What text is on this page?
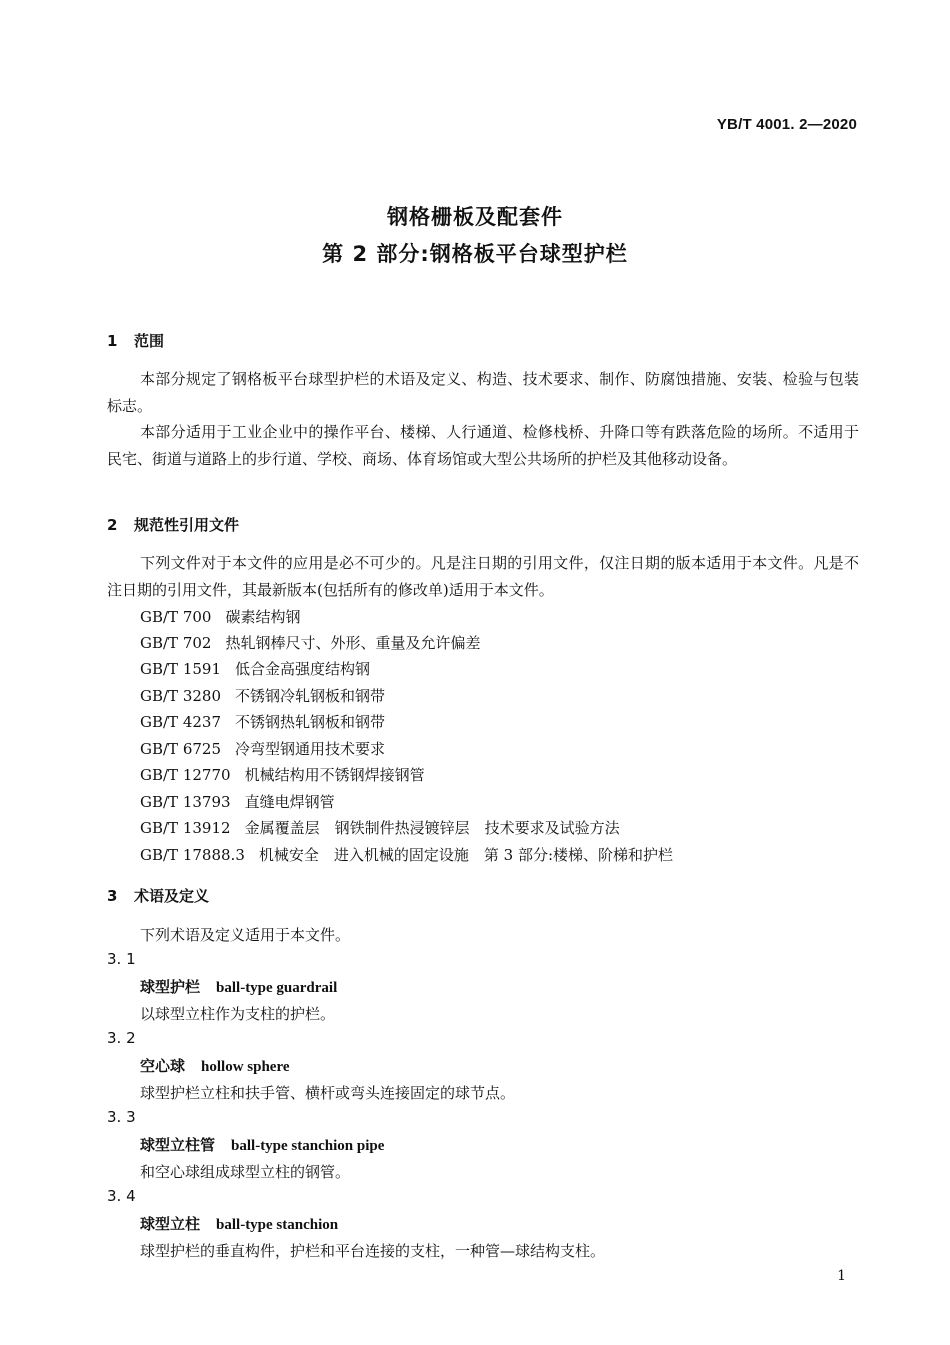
YB/T 4001. 2—2020
钢格栅板及配套件
第 2 部分:钢格板平台球型护栏
1 范围

本部分规定了钢格板平台球型护栏的术语及定义、构造、技术要求、制作、防腐蚀措施、安装、检验与包装标志。

本部分适用于工业企业中的操作平台、楼梯、人行通道、检修栈桥、升降口等有跌落危险的场所。不适用于民宅、街道与道路上的步行道、学校、商场、体育场馆或大型公共场所的护栏及其他移动设备。

2 规范性引用文件

下列文件对于本文件的应用是必不可少的。凡是注日期的引用文件，仅注日期的版本适用于本文件。凡是不注日期的引用文件，其最新版本(包括所有的修改单)适用于本文件。

GB/T 700 碳素结构钢
GB/T 702 热轧钢棒尺寸、外形、重量及允许偏差
GB/T 1591 低合金高强度结构钢
GB/T 3280 不锈钢冷轧钢板和钢带
GB/T 4237 不锈钢热轧钢板和钢带
GB/T 6725 冷弯型钢通用技术要求
GB/T 12770 机械结构用不锈钢焊接钢管
GB/T 13793 直缝电焊钢管
GB/T 13912 金属覆盖层　钢铁制件热浸镀锌层　技术要求及试验方法
GB/T 17888.3 机械安全　进入机械的固定设施　第 3 部分:楼梯、阶梯和护栏
3 术语及定义
下列术语及定义适用于本文件。
3. 1
球型护栏 ball-type guardrail
以球型立柱作为支柱的护栏。
3. 2
空心球 hollow sphere
球型护栏立柱和扶手管、横杆或弯头连接固定的球节点。
3. 3
球型立柱管 ball-type stanchion pipe
和空心球组成球型立柱的钢管。
3. 4
球型立柱 ball-type stanchion
球型护栏的垂直构件，护栏和平台连接的支柱，一种管—球结构支柱。
1
